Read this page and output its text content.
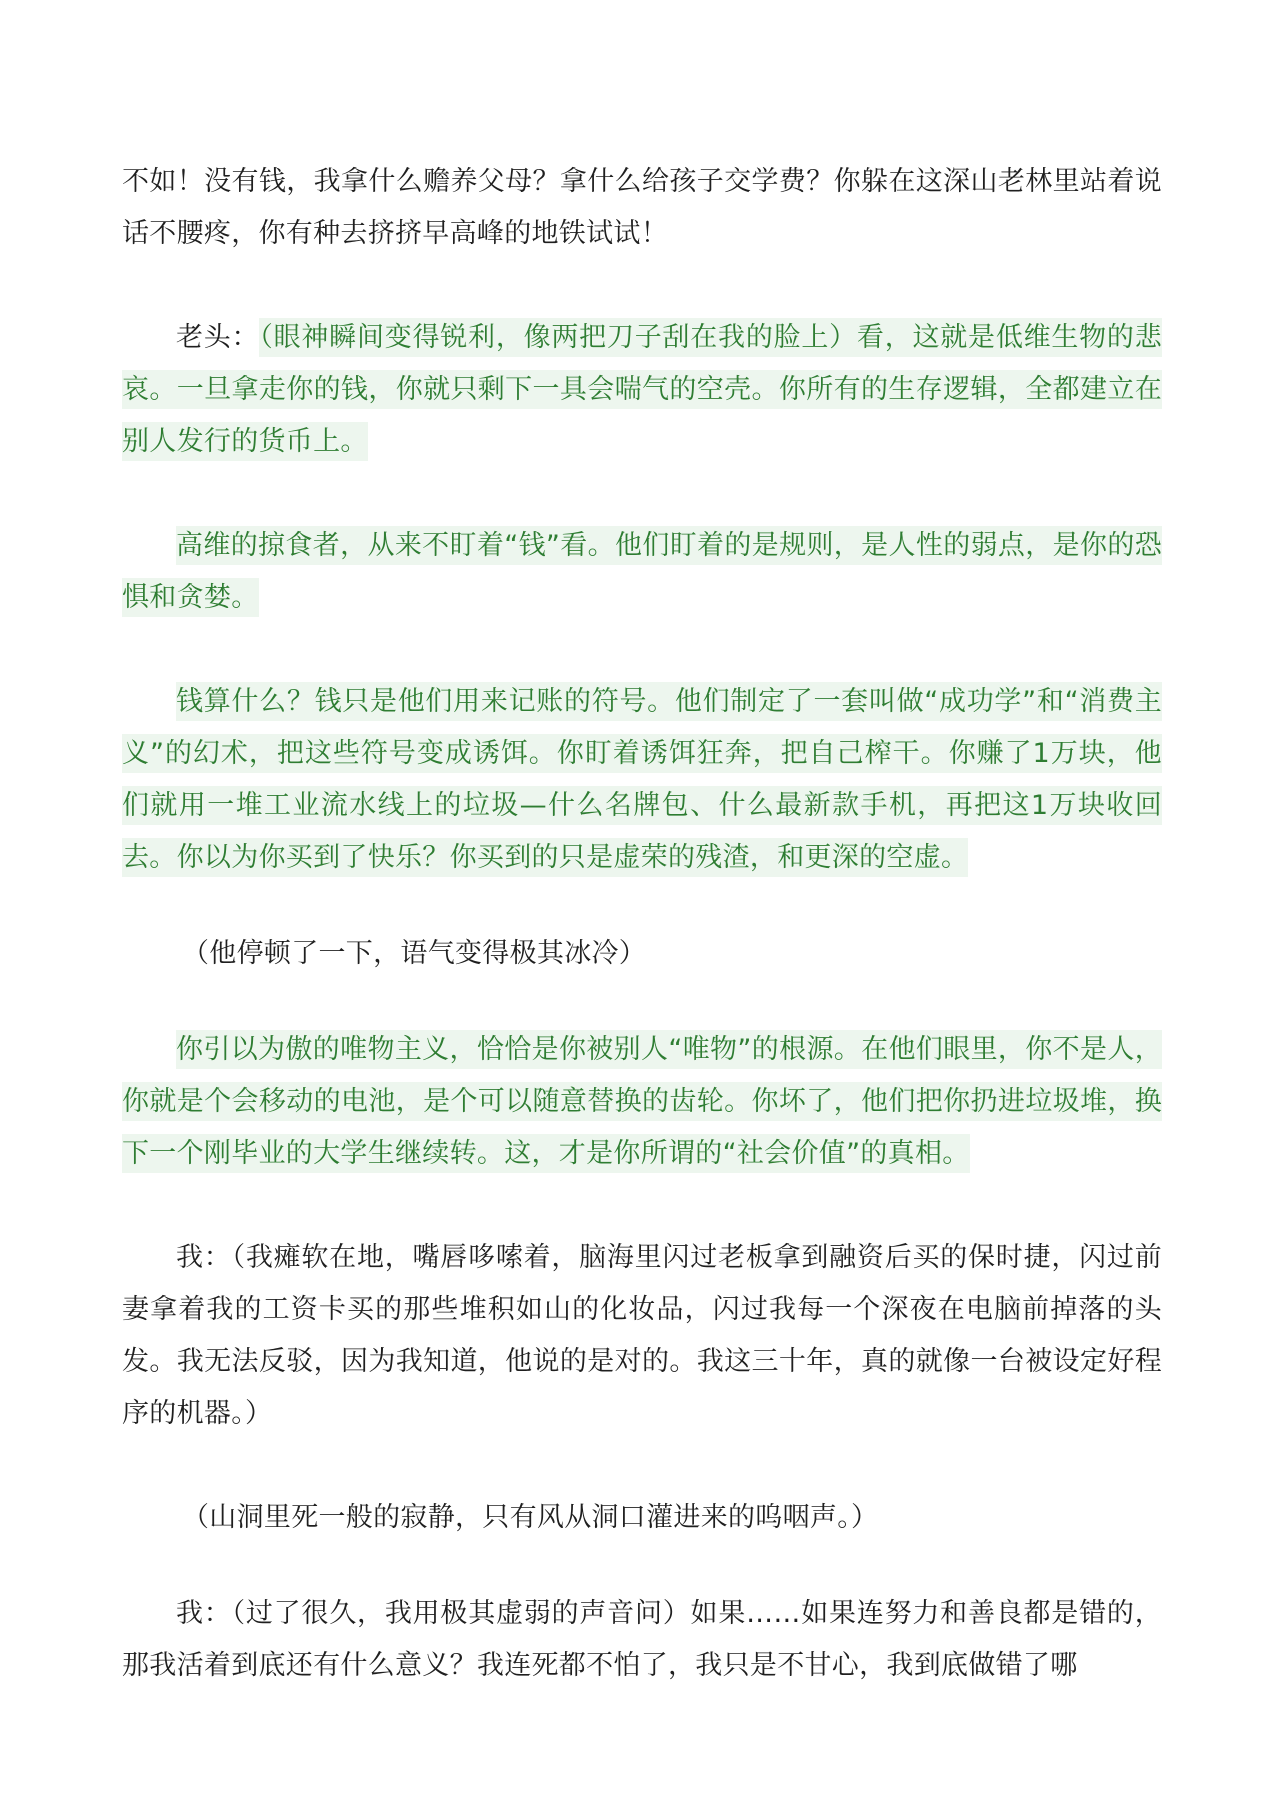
不如！没有钱，我拿什么赡养父母？拿什么给孩子交学费？你躲在这深山老林里站着说话不腰疼，你有种去挤挤早高峰的地铁试试！

老头：（眼神瞬间变得锐利，像两把刀子刮在我的脸上）看，这就是低维生物的悲哀。一旦拿走你的钱，你就只剩下一具会喘气的空壳。你所有的生存逻辑，全都建立在别人发行的货币上。

高维的掠食者，从来不盯着“钱”看。他们盯着的是规则，是人性的弱点，是你的恐惧和贪婪。

钱算什么？钱只是他们用来记账的符号。他们制定了一套叫做“成功学”和“消费主义”的幻术，把这些符号变成诱饵。你盯着诱饵狂奔，把自己榨干。你赚了1万块，他们就用一堆工业流水线上的垃圾—什么名牌包、什么最新款手机，再把这1万块收回去。你以为你买到了快乐？你买到的只是虚荣的残渣，和更深的空虚。

（他停顿了一下，语气变得极其冰冷）

你引以为傲的唯物主义，恰恰是你被别人“唯物”的根源。在他们眼里，你不是人，你就是个会移动的电池，是个可以随意替换的齿轮。你坏了，他们把你扔进垃圾堆，换下一个刚毕业的大学生继续转。这，才是你所谓的“社会价值”的真相。

我：（我瘫软在地，嘴唇哆嗦着，脑海里闪过老板拿到融资后买的保时捷，闪过前妻拿着我的工资卡买的那些堆积如山的化妆品，闪过我每一个深夜在电脑前掉落的头发。我无法反驳，因为我知道，他说的是对的。我这三十年，真的就像一台被设定好程序的机器。）

（山洞里死一般的寂静，只有风从洞口灌进来的呜咽声。）

我：（过了很久，我用极其虚弱的声音问）如果……如果连努力和善良都是错的，那我活着到底还有什么意义？我连死都不怕了，我只是不甘心，我到底做错了哪
